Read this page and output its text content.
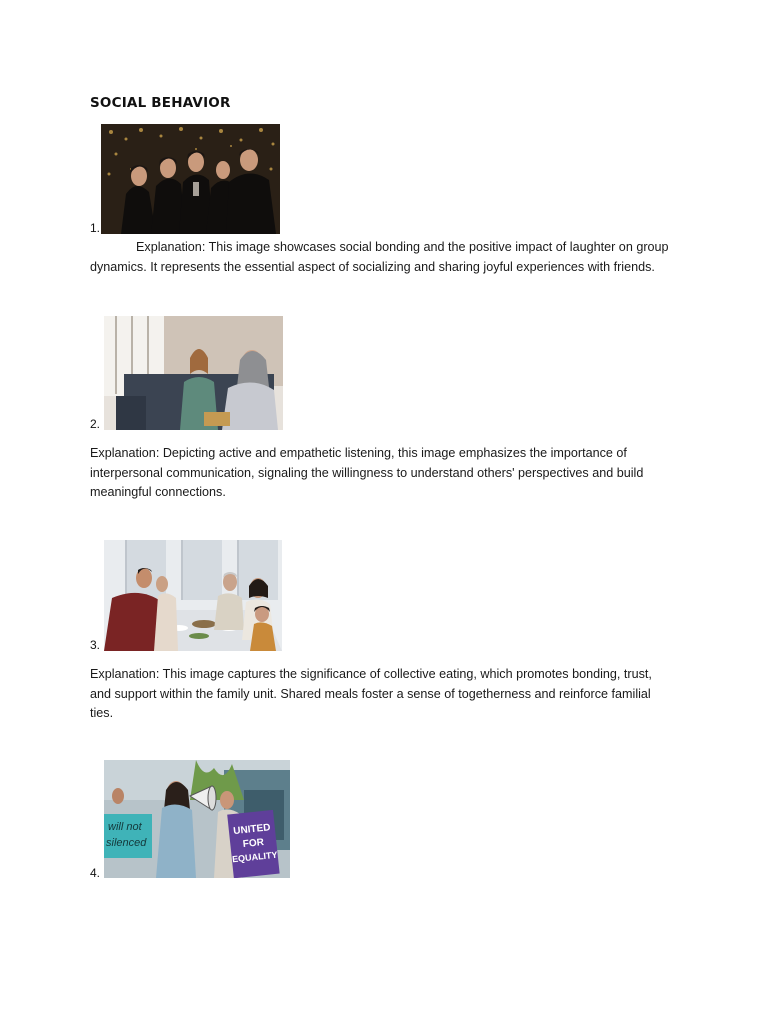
SOCIAL BEHAVIOR
1.
Explanation: This image showcases social bonding and the positive impact of laughter on group dynamics. It represents the essential aspect of socializing and sharing joyful experiences with friends.
2.
Explanation: Depicting active and empathetic listening, this image emphasizes the importance of interpersonal communication, signaling the willingness to understand others' perspectives and build meaningful connections.
3.
Explanation: This image captures the significance of collective eating, which promotes bonding, trust, and support within the family unit. Shared meals foster a sense of togetherness and reinforce familial ties.
will not
silenced
UNITED
FOR
EQUALITY
4.
